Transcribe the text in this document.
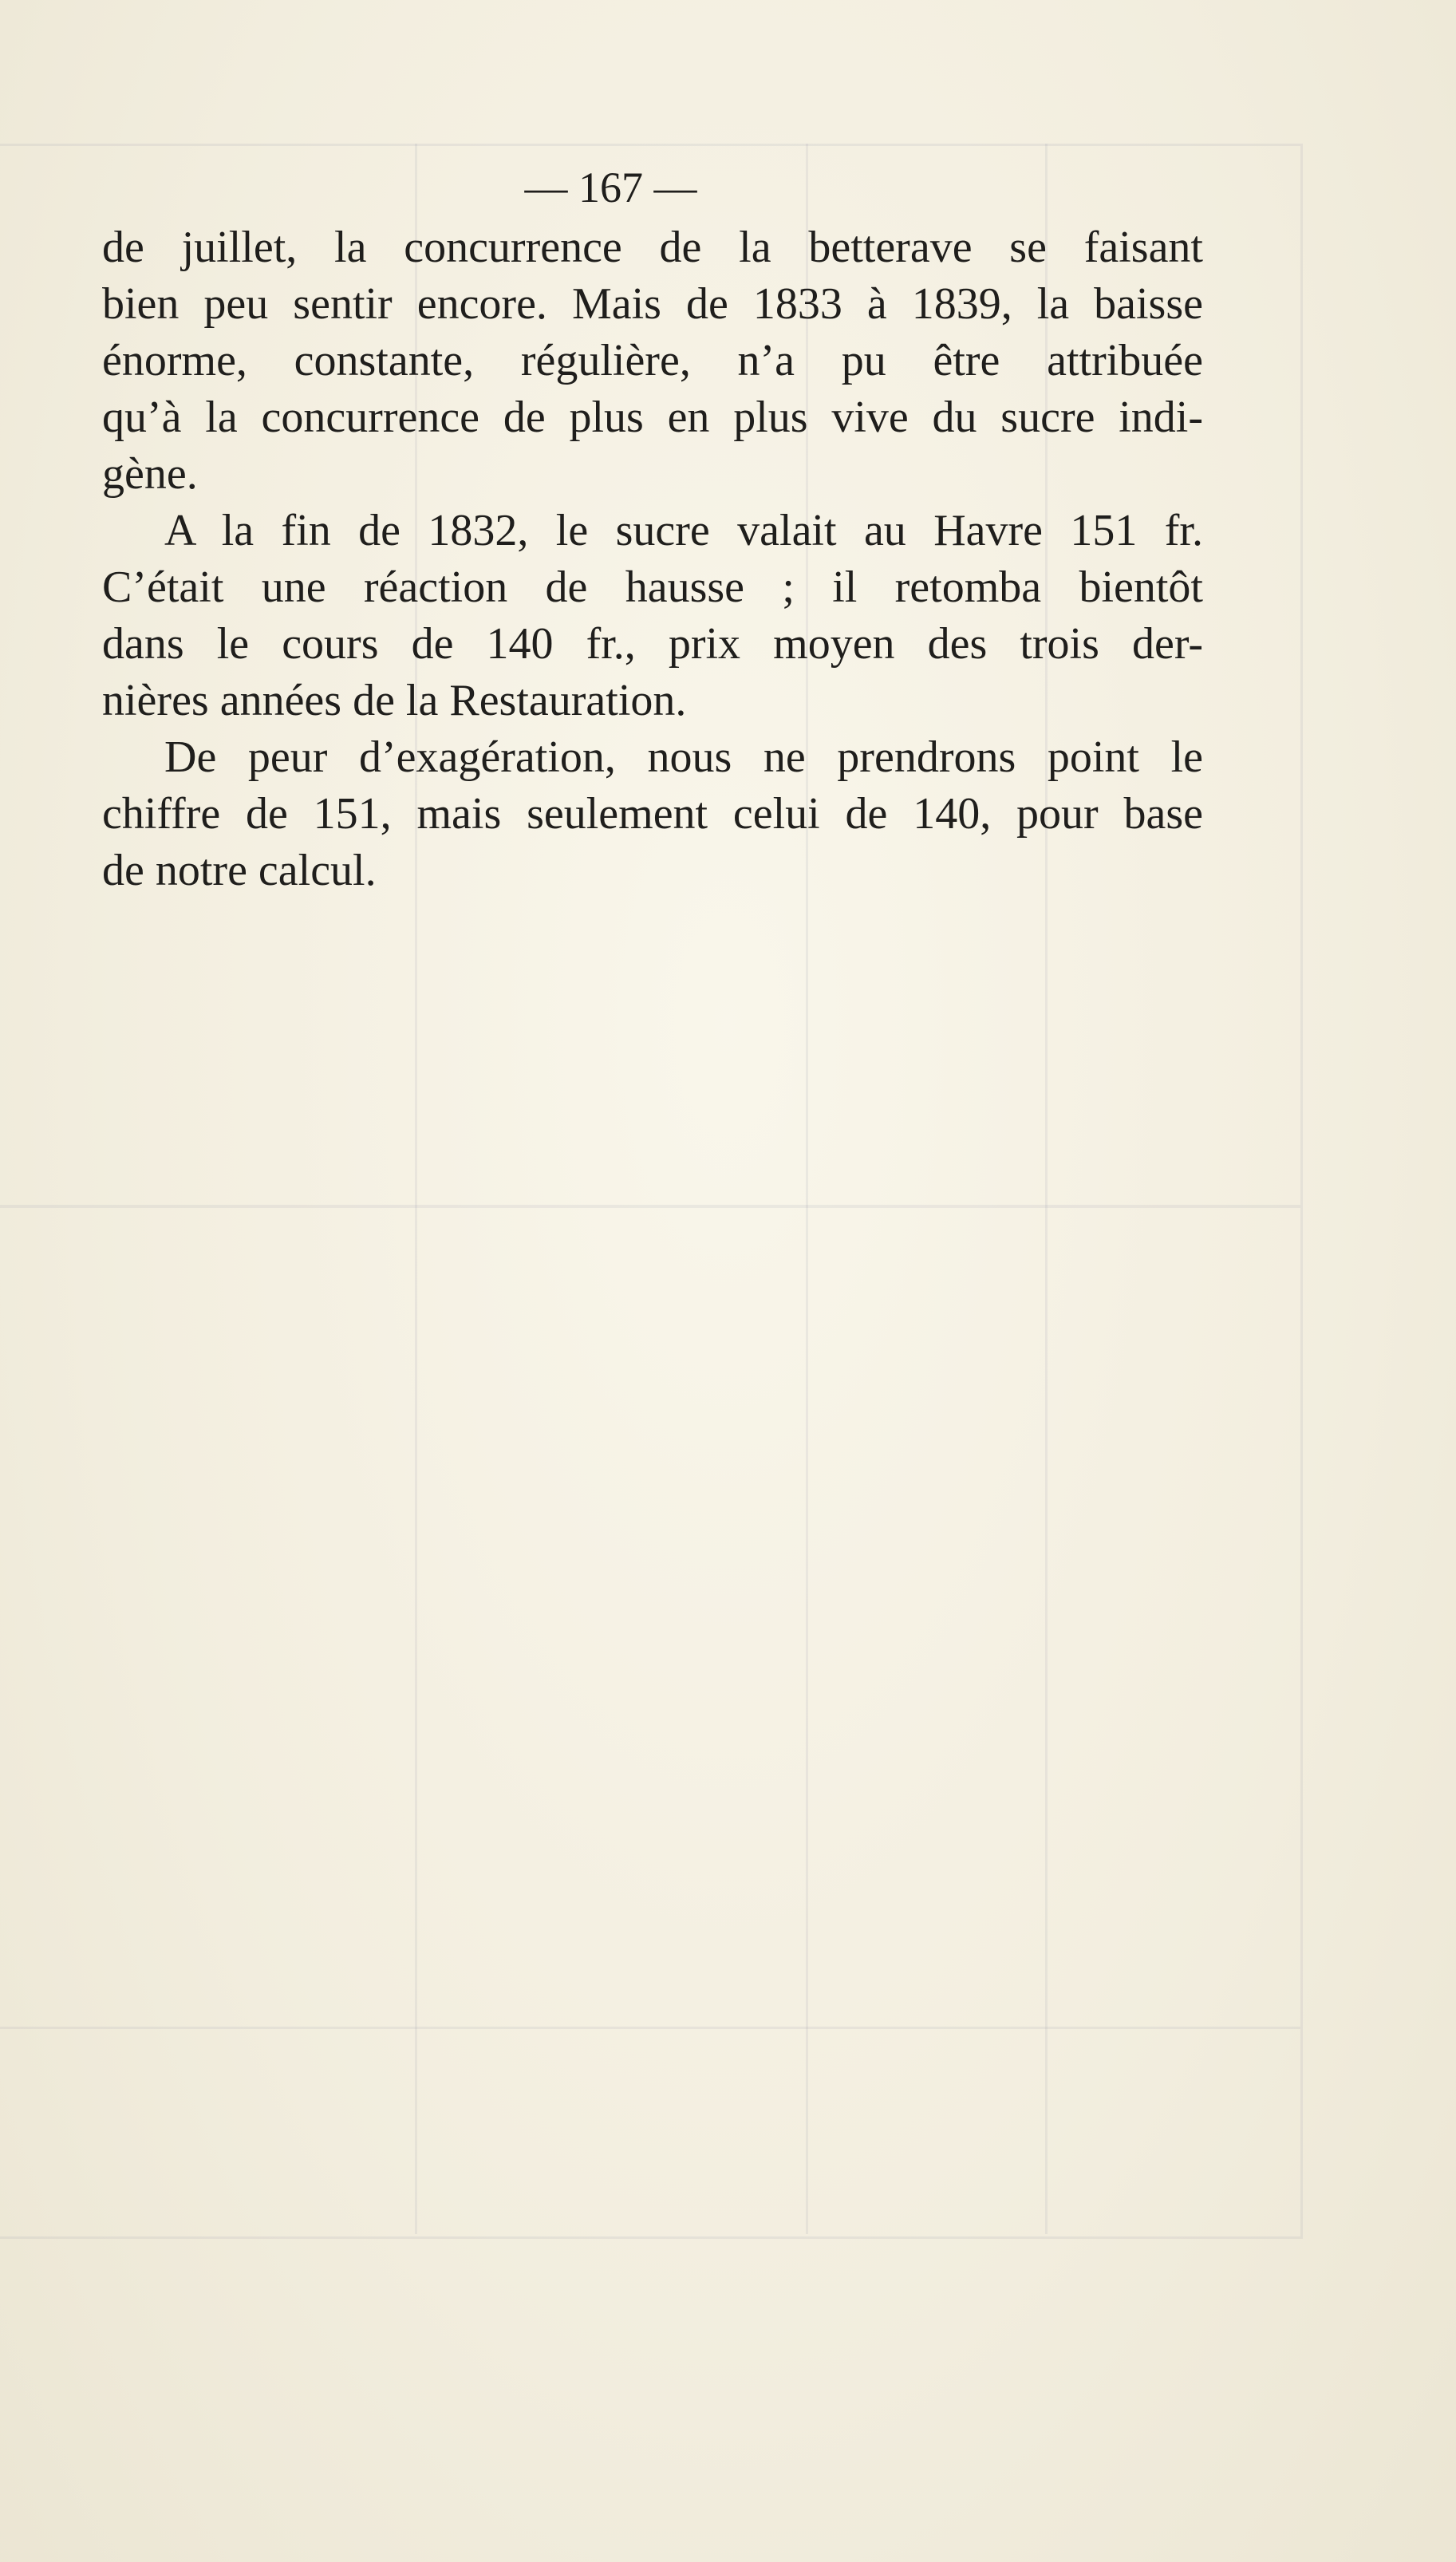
— 167 —

de juillet, la concurrence de la betterave se faisant
bien peu sentir encore. Mais de 1833 à 1839, la baisse
énorme, constante, régulière, n’a pu être attribuée
qu’à la concurrence de plus en plus vive du sucre indi-
gène.

A la fin de 1832, le sucre valait au Havre 151 fr.
C’était une réaction de hausse ; il retomba bientôt
dans le cours de 140 fr., prix moyen des trois der-
nières années de la Restauration.

De peur d’exagération, nous ne prendrons point le
chiffre de 151, mais seulement celui de 140, pour base
de notre calcul.
